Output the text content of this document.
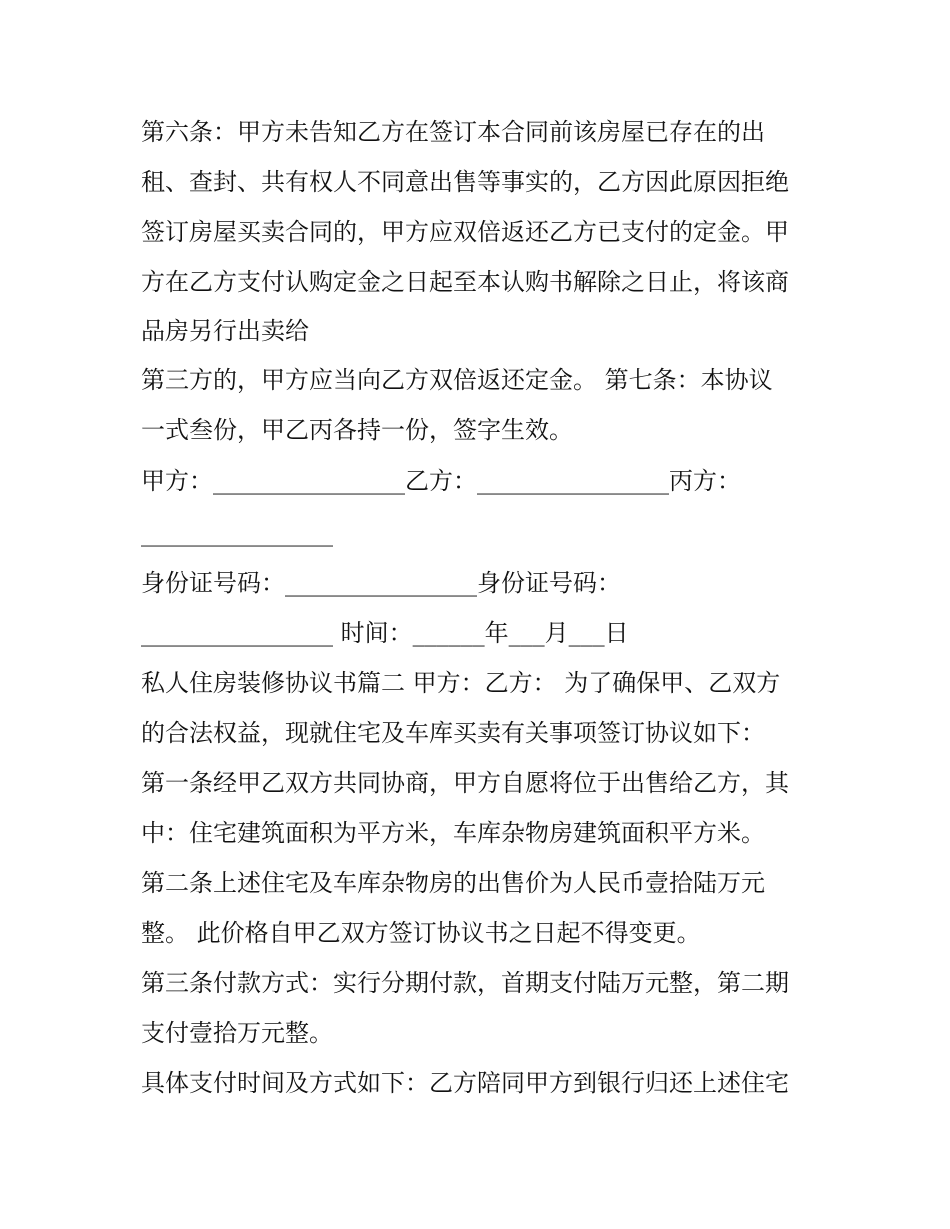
第六条：甲方未告知乙方在签订本合同前该房屋已存在的出
租、查封、共有权人不同意出售等事实的，乙方因此原因拒绝
签订房屋买卖合同的，甲方应双倍返还乙方已支付的定金。甲
方在乙方支付认购定金之日起至本认购书解除之日止，将该商
品房另行出卖给
第三方的，甲方应当向乙方双倍返还定金。 第七条：本协议
一式叁份，甲乙丙各持一份，签字生效。
甲方：________________乙方：________________丙方：
________________
身份证号码：________________身份证号码：
________________ 时间：______年___月___日
私人住房装修协议书篇二 甲方：乙方： 为了确保甲、乙双方
的合法权益，现就住宅及车库买卖有关事项签订协议如下：
第一条经甲乙双方共同协商，甲方自愿将位于出售给乙方，其
中：住宅建筑面积为平方米，车库杂物房建筑面积平方米。
第二条上述住宅及车库杂物房的出售价为人民币壹拾陆万元
整。 此价格自甲乙双方签订协议书之日起不得变更。
第三条付款方式：实行分期付款，首期支付陆万元整，第二期
支付壹拾万元整。
具体支付时间及方式如下：乙方陪同甲方到银行归还上述住宅
